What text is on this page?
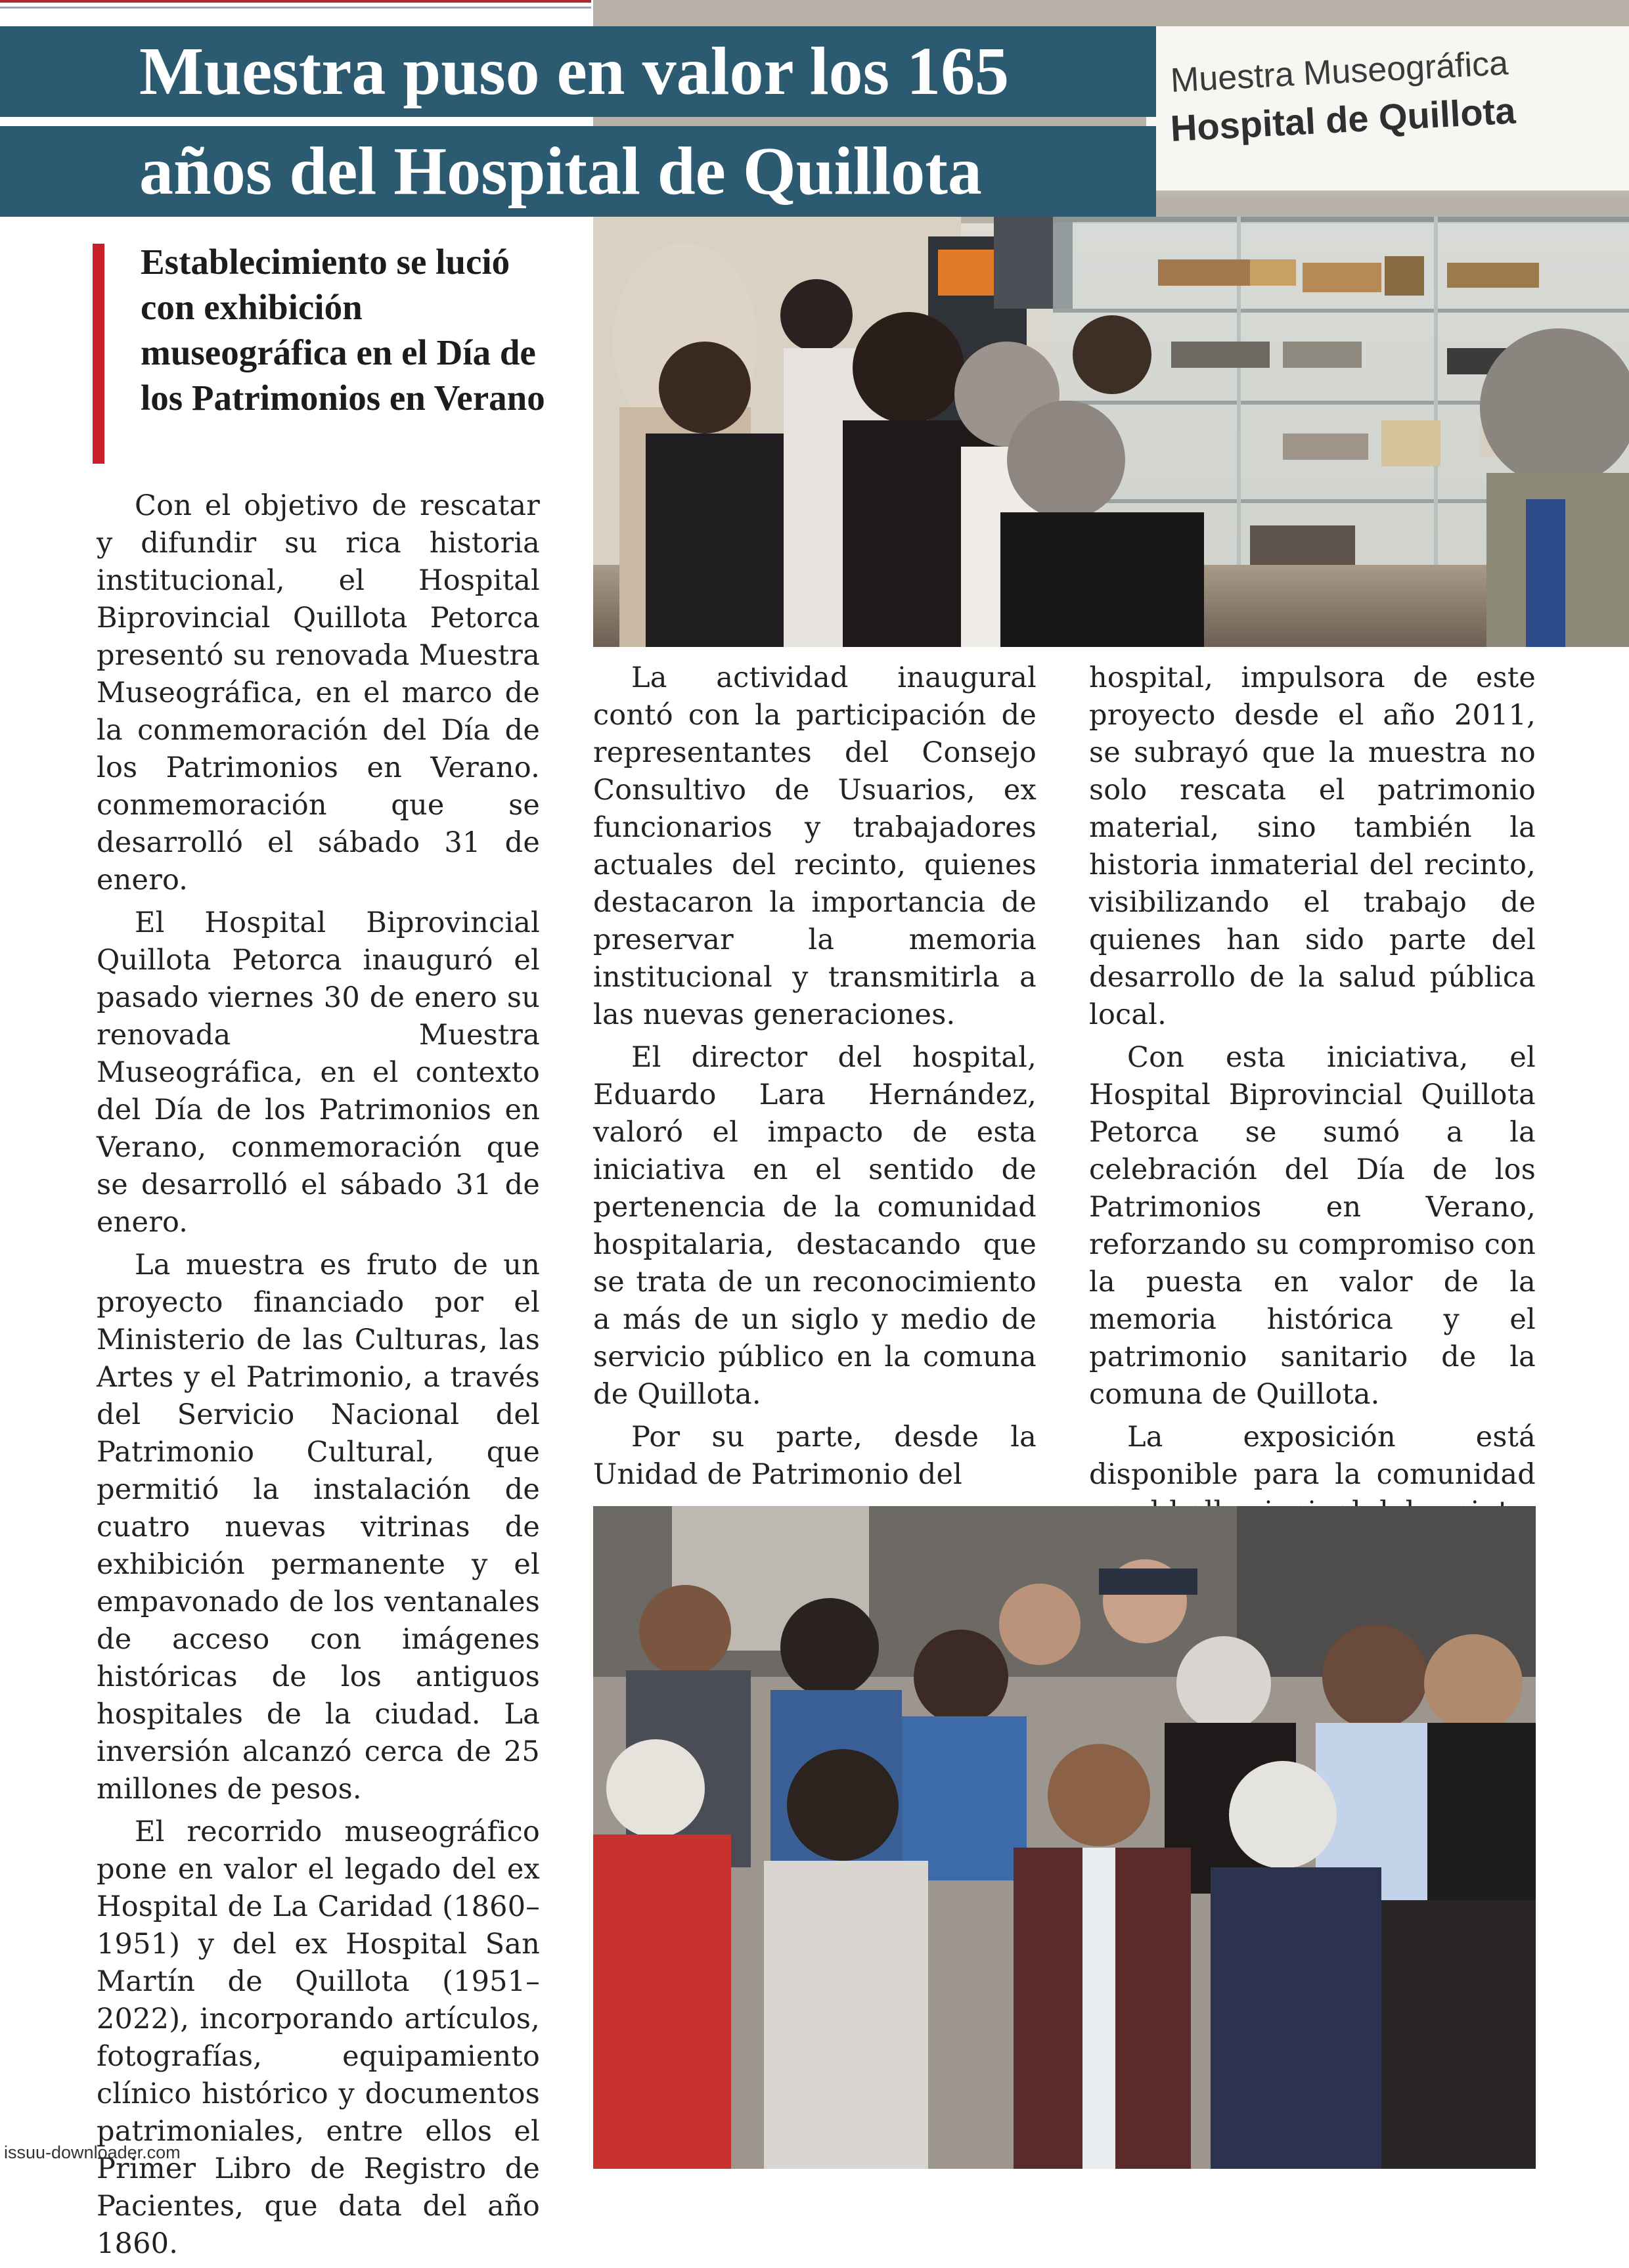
Muestra Museográfica
Hospital de Quillota
Muestra puso en valor los 165
años del Hospital de Quillota
Establecimiento se lució con exhibición museográfica en el Día de los Patrimonios en Verano

Con el objetivo de rescatar y difundir su rica historia institucional, el Hospital Biprovincial Quillota Petorca presentó su renovada Muestra Museográfica, en el marco de la conmemoración del Día de los Patrimonios en Verano. conmemoración que se desarrolló el sábado 31 de enero.

El Hospital Biprovincial Quillota Petorca inauguró el pasado viernes 30 de enero su renovada Muestra Museográfica, en el contexto del Día de los Patrimonios en Verano, conmemoración que se desarrolló el sábado 31 de enero.

La muestra es fruto de un proyecto financiado por el Ministerio de las Culturas, las Artes y el Patrimonio, a través del Servicio Nacional del Patrimonio Cultural, que permitió la instalación de cuatro nuevas vitrinas de exhibición permanente y el empavonado de los ventanales de acceso con imágenes históricas de los antiguos hospitales de la ciudad. La inversión alcanzó cerca de 25 millones de pesos.

El recorrido museográfico pone en valor el legado del ex Hospital de La Caridad (1860–1951) y del ex Hospital San Martín de Quillota (1951–2022), incorporando artículos, fotografías, equipamiento clínico histórico y documentos patrimoniales, entre ellos el Primer Libro de Registro de Pacientes, que data del año 1860.

La actividad inaugural contó con la participación de representantes del Consejo Consultivo de Usuarios, ex funcionarios y trabajadores actuales del recinto, quienes destacaron la importancia de preservar la memoria institucional y transmitirla a las nuevas generaciones.

El director del hospital, Eduardo Lara Hernández, valoró el impacto de esta iniciativa en el sentido de pertenencia de la comunidad hospitalaria, destacando que se trata de un reconocimiento a más de un siglo y medio de servicio público en la comuna de Quillota.

Por su parte, desde la Unidad de Patrimonio del

hospital, impulsora de este proyecto desde el año 2011, se subrayó que la muestra no solo rescata el patrimonio material, sino también la historia inmaterial del recinto, visibilizando el trabajo de quienes han sido parte del desarrollo de la salud pública local.

Con esta iniciativa, el Hospital Biprovincial Quillota Petorca se sumó a la celebración del Día de los Patrimonios en Verano, reforzando su compromiso con la puesta en valor de la memoria histórica y el patrimonio sanitario de la comuna de Quillota.

La exposición está disponible para la comunidad

issuu-downloader.com
